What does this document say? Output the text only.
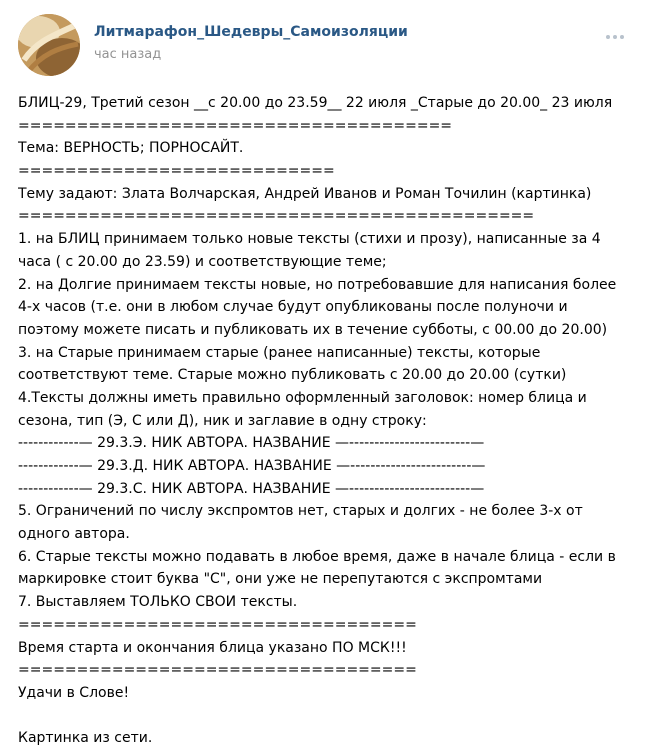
Литмарафон_Шедевры_Самоизоляции
час назад
БЛИЦ-29, Третий сезон __с 20.00 до 23.59__ 22 июля _Старые до 20.00_ 23 июля
=====================================
Тема: ВЕРНОСТЬ; ПОРНОСАЙТ.
===========================
Тему задают: Злата Волчарская, Андрей Иванов и Роман Точилин (картинка)
============================================
1. на БЛИЦ принимаем только новые тексты (стихи и прозу), написанные за 4
часа ( с 20.00 до 23.59) и соответствующие теме;
2. на Долгие принимаем тексты новые, но потребовавшие для написания более
4-х часов (т.е. они в любом случае будут опубликованы после полуночи и
поэтому можете писать и публиковать их в течение субботы, с 00.00 до 20.00)
3. на Старые принимаем старые (ранее написанные) тексты, которые
соответствуют теме. Старые можно публиковать с 20.00 до 20.00 (сутки)
4.Тексты должны иметь правильно оформленный заголовок: номер блица и
сезона, тип (Э, С или Д), ник и заглавие в одну строку:
------------— 29.3.Э. НИК АВТОРА. НАЗВАНИЕ —------------------------—
------------— 29.3.Д. НИК АВТОРА. НАЗВАНИЕ —------------------------—
------------— 29.3.С. НИК АВТОРА. НАЗВАНИЕ —------------------------—
5. Ограничений по числу экспромтов нет, старых и долгих - не более 3-х от
одного автора.
6. Старые тексты можно подавать в любое время, даже в начале блица - если в
маркировке стоит буква "С", они уже не перепутаются с экспромтами
7. Выставляем ТОЛЬКО СВОИ тексты.
==================================
Время старта и окончания блица указано ПО МСК!!!
==================================
Удачи в Слове!
Картинка из сети.
